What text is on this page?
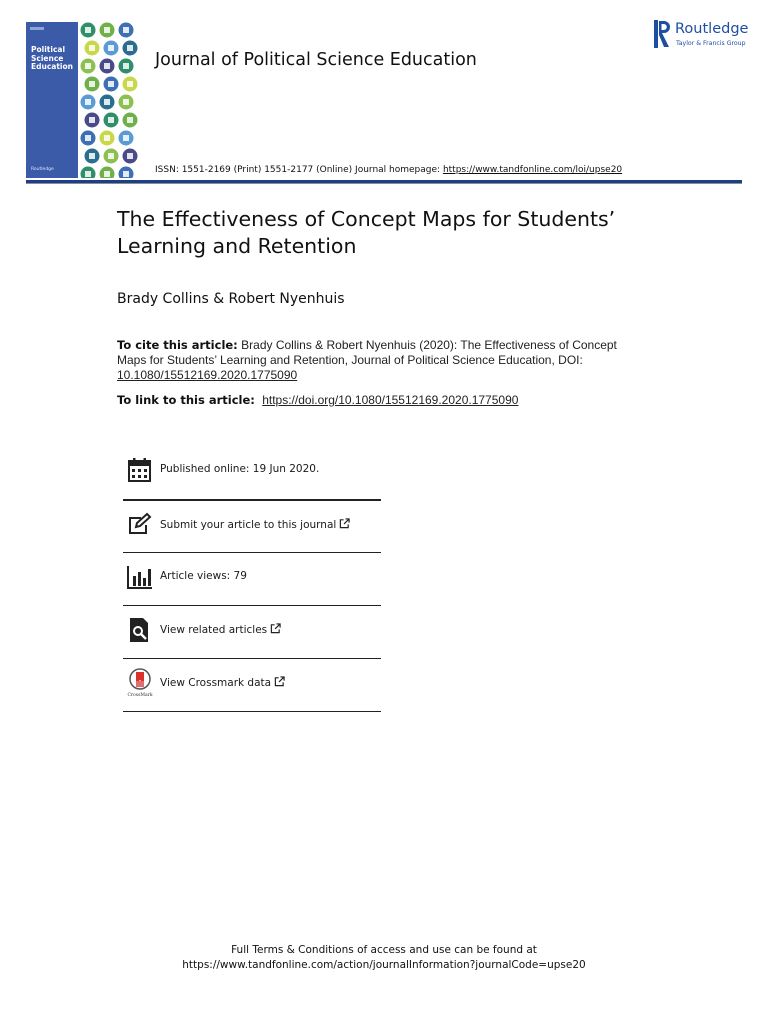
Political
Science
Education
Routledge
Journal of Political Science Education
ISSN: 1551-2169 (Print) 1551-2177 (Online) Journal homepage: https://www.tandfonline.com/loi/upse20
Routledge
Taylor & Francis Group
The Effectiveness of Concept Maps for Students’ Learning and Retention
Brady Collins & Robert Nyenhuis
To cite this article: Brady Collins & Robert Nyenhuis (2020): The Effectiveness of Concept Maps for Students’ Learning and Retention, Journal of Political Science Education, DOI: 10.1080/15512169.2020.1775090
To link to this article: https://doi.org/10.1080/15512169.2020.1775090
Published online: 19 Jun 2020.
Submit your article to this journal
Article views: 79
View related articles
CrossMark
View Crossmark data
Full Terms & Conditions of access and use can be found at
https://www.tandfonline.com/action/journalInformation?journalCode=upse20
